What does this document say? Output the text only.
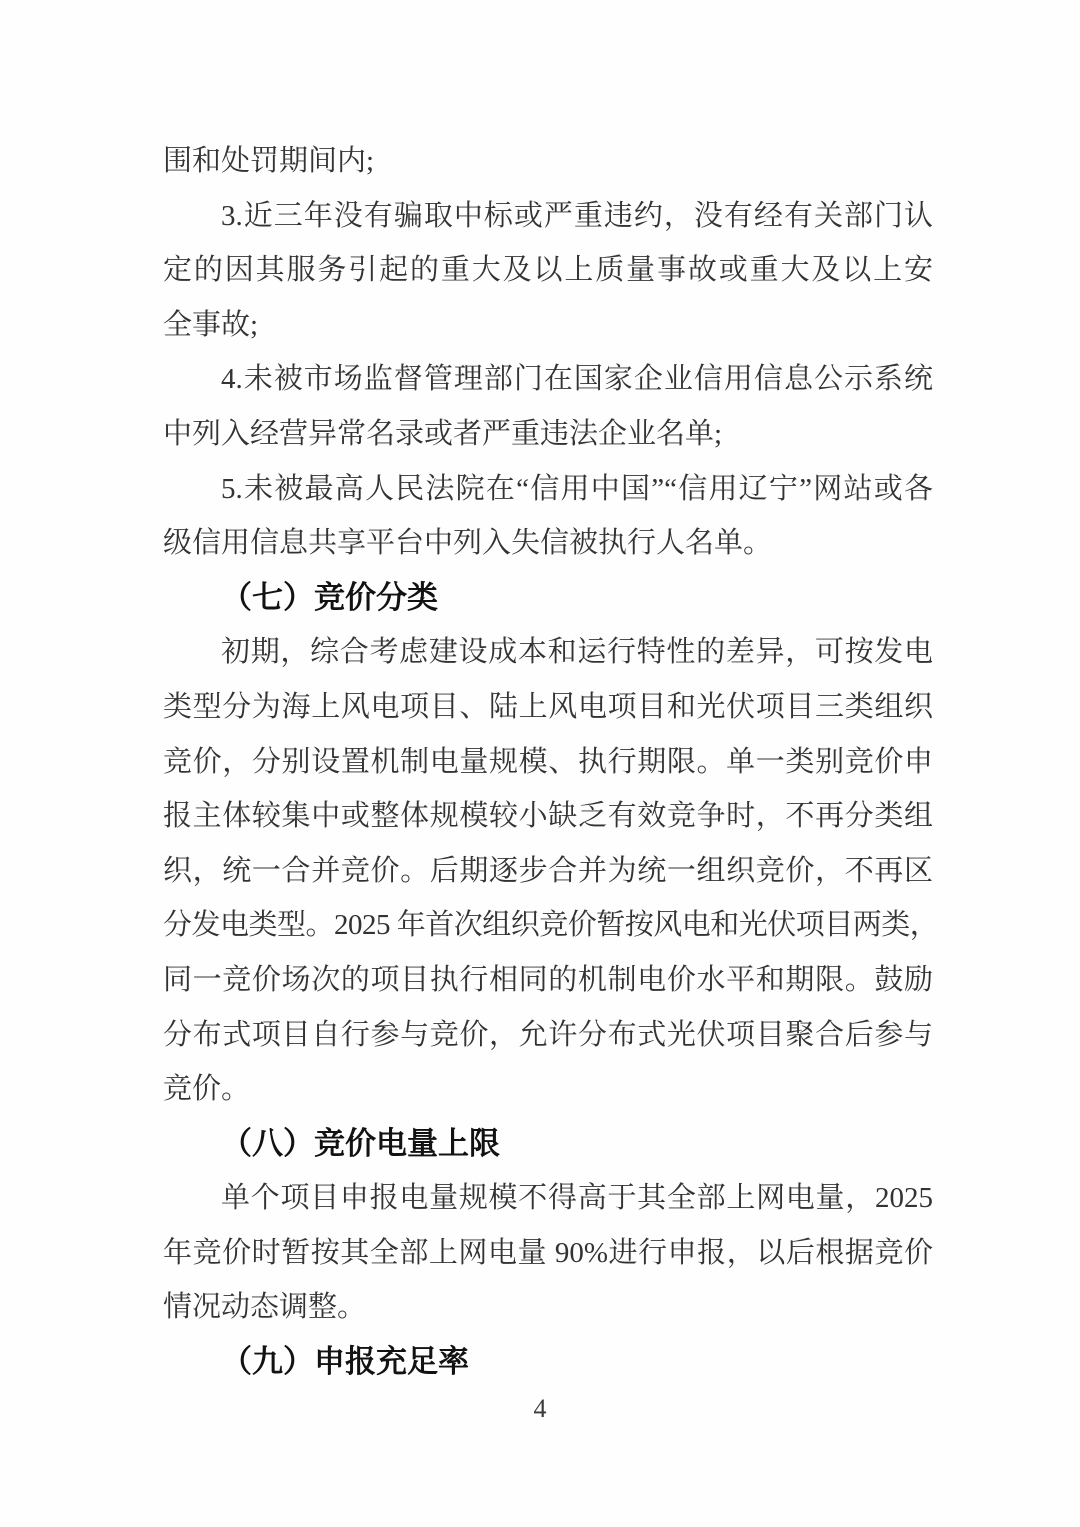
围和处罚期间内;
3.近三年没有骗取中标或严重违约，没有经有关部门认
定的因其服务引起的重大及以上质量事故或重大及以上安
全事故;
4.未被市场监督管理部门在国家企业信用信息公示系统
中列入经营异常名录或者严重违法企业名单;
5.未被最高人民法院在“信用中国”“信用辽宁”网站或各
级信用信息共享平台中列入失信被执行人名单。
（七）竞价分类
初期，综合考虑建设成本和运行特性的差异，可按发电
类型分为海上风电项目、陆上风电项目和光伏项目三类组织
竞价，分别设置机制电量规模、执行期限。单一类别竞价申
报主体较集中或整体规模较小缺乏有效竞争时，不再分类组
织，统一合并竞价。后期逐步合并为统一组织竞价，不再区
分发电类型。2025 年首次组织竞价暂按风电和光伏项目两类，
同一竞价场次的项目执行相同的机制电价水平和期限。鼓励
分布式项目自行参与竞价，允许分布式光伏项目聚合后参与
竞价。
（八）竞价电量上限
单个项目申报电量规模不得高于其全部上网电量，2025
年竞价时暂按其全部上网电量 90%进行申报，以后根据竞价
情况动态调整。
（九）申报充足率
4
